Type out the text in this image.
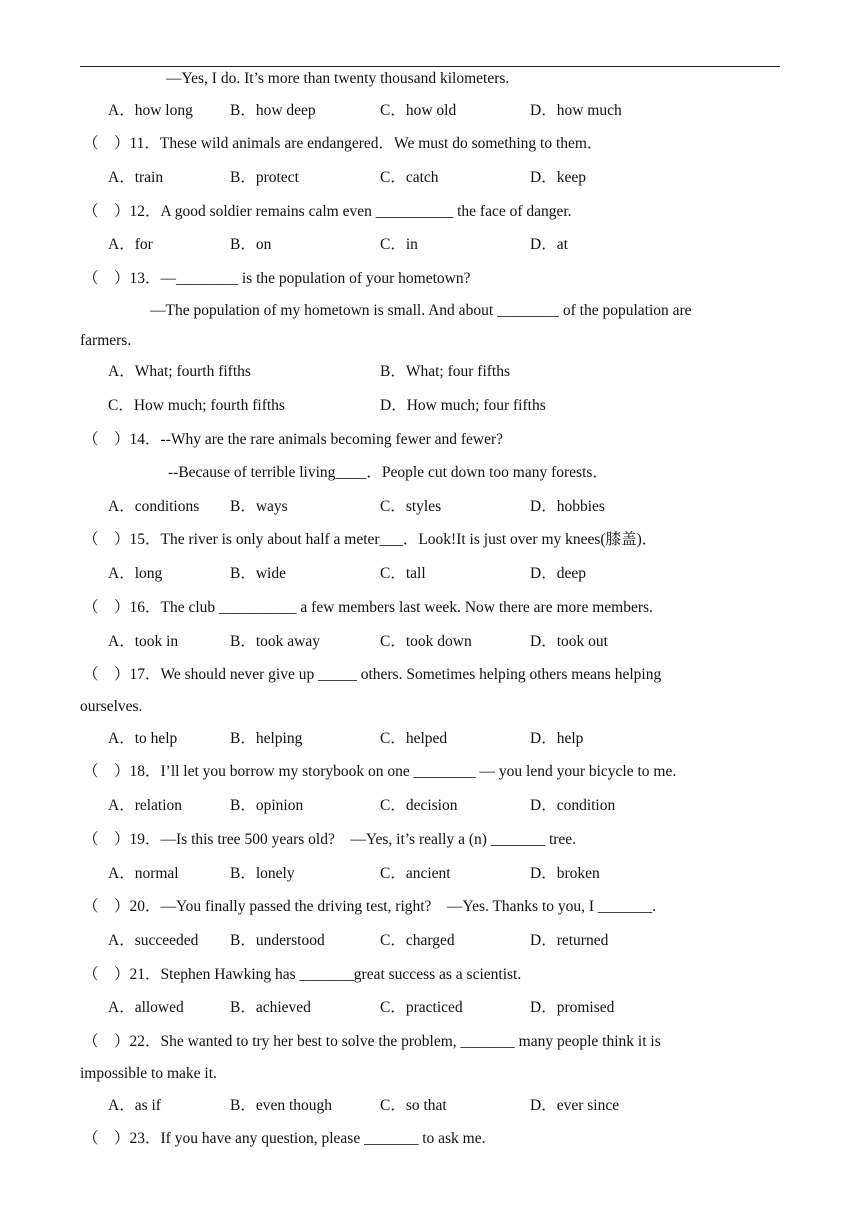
—Yes, I do. It’s more than twenty thousand kilometers.
A．how long B．how deep	C．how old	D．how much
（　）11．These wild animals are endangered．We must do something to them．
A．train	B．protect	C．catch	D．keep
（　）12．A good soldier remains calm even __________ the face of danger.
A．for	B．on	C．in	D．at
（　）13．—________ is the population of your hometown?
—The population of my hometown is small. And about ________ of the population are
farmers.
A．What; fourth fifths	B．What; four fifths
C．How much; fourth fifths	D．How much; four fifths
（　）14．--Why are the rare animals becoming fewer and fewer?
--Because of terrible living____．People cut down too many forests．
A．conditions B．ways	C．styles	D．hobbies
（　）15．The river is only about half a meter___．Look!It is just over my knees(膝盖)．
A．long	B．wide	C．tall	D．deep
（　）16．The club __________ a few members last week. Now there are more members.
A．took in	B．took away	C．took down	D．took out
（　）17．We should never give up _____ others. Sometimes helping others means helping
ourselves.
A．to help	B．helping	C．helped	D．help
（　）18．I’ll let you borrow my storybook on one ________ — you lend your bicycle to me.
A．relation	B．opinion	C．decision	D．condition
（　）19．—Is this tree 500 years old?　—Yes, it’s really a (n) _______ tree.
A．normal	B．lonely	C．ancient	D．broken
（　）20．—You finally passed the driving test, right?　—Yes. Thanks to you, I _______.
A．succeeded B．understood	C．charged	D．returned
（　）21．Stephen Hawking has _______great success as a scientist.
A．allowed	B．achieved	C．practiced	D．promised
（　）22．She wanted to try her best to solve the problem, _______ many people think it is
impossible to make it.
A．as if	B．even though	C．so that	D．ever since
（　）23．If you have any question, please _______ to ask me.
